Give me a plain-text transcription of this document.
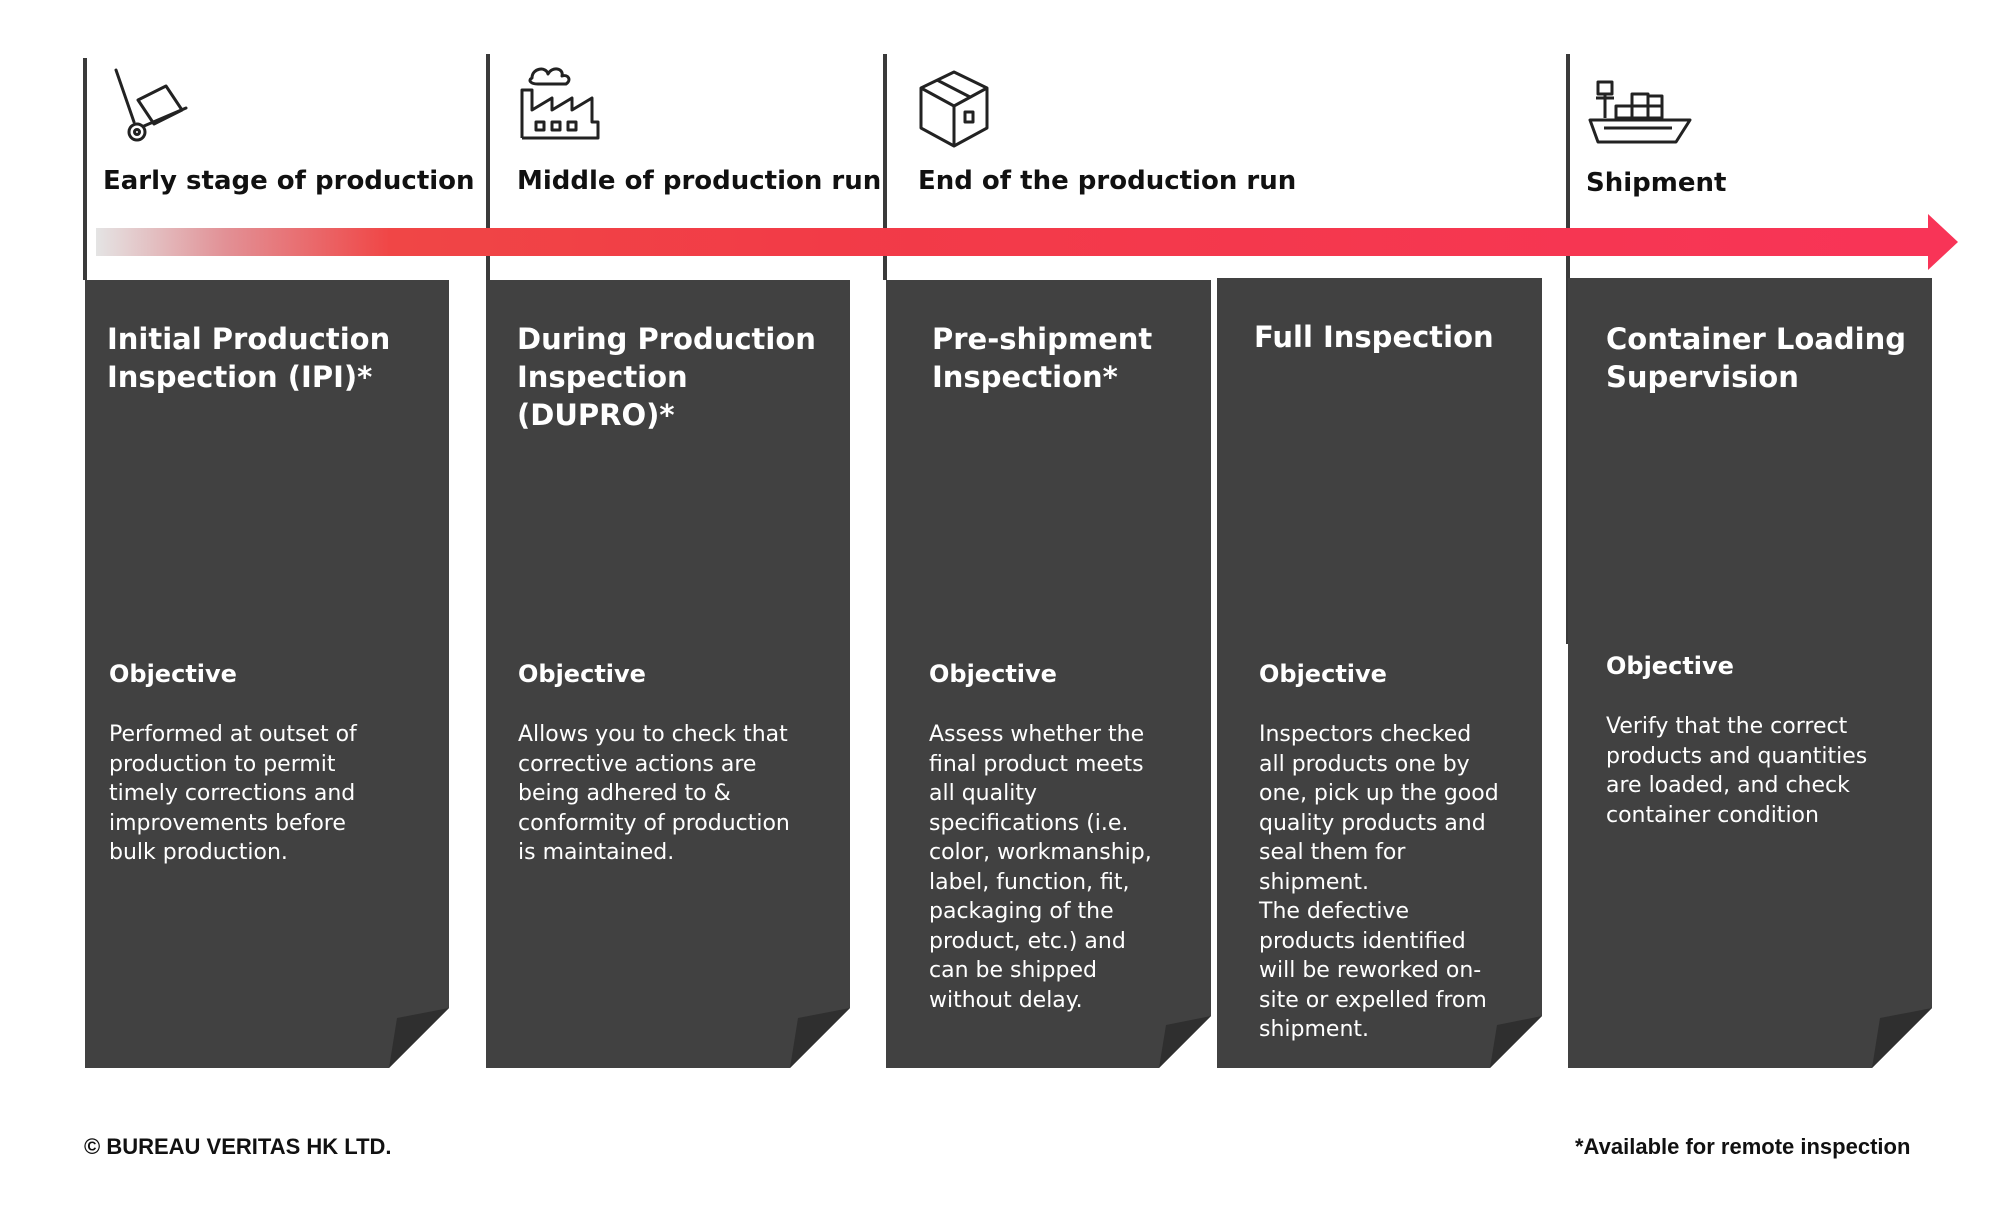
Early stage of production Middle of production run End of the production run	Shipment
Initial Production
Inspection (IPI)*
Objective
Performed at outset of
production to permit
timely corrections and
improvements before
bulk production.
During Production
Inspection (DUPRO)*
Objective
Allows you to check that
corrective actions are
being adhered to &
conformity of production
is maintained.
Pre-shipment
Inspection*
Objective
Assess whether the
final product meets
all quality
specifications (i.e.
color, workmanship,
label, function, fit,
packaging of the
product, etc.) and
can be shipped
without delay.
Full Inspection
Objective
Inspectors checked
all products one by
one, pick up the good
quality products and
seal them for
shipment.
The defective
products identified
will be reworked on-
site or expelled from
shipment.
Container Loading
Supervision
Objective
Verify that the correct
products and quantities
are loaded, and check
container condition
© BUREAU VERITAS HK LTD.	*Available for remote inspection
